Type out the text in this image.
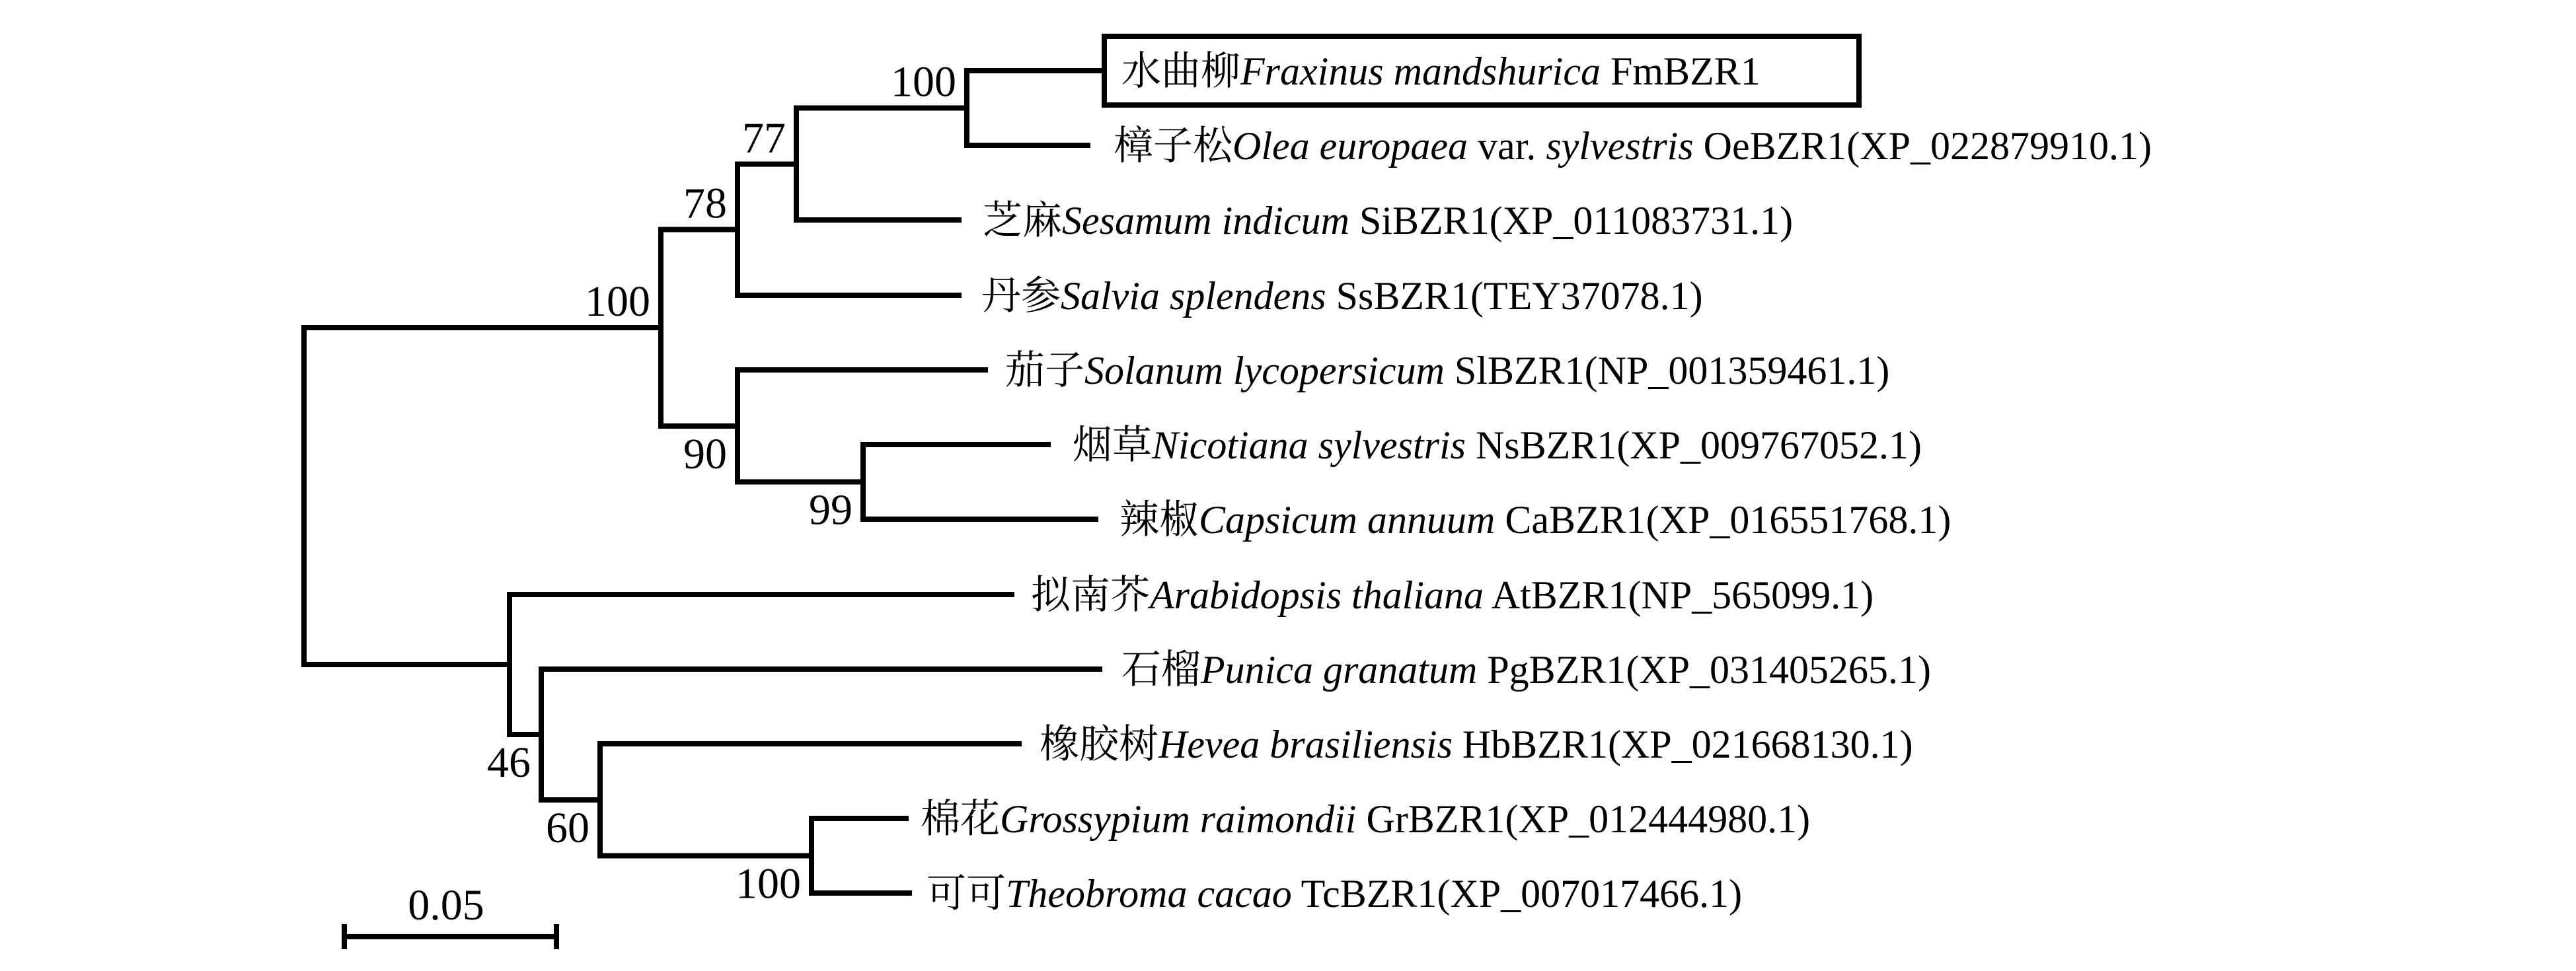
水曲柳Fraxinus mandshurica FmBZR1
樟子松Olea europaea var. sylvestris OeBZR1(XP_022879910.1)
100
芝麻Sesamum indicum SiBZR1(XP_011083731.1)
77
丹参Salvia splendens SsBZR1(TEY37078.1)
78
茄子Solanum lycopersicum SlBZR1(NP_001359461.1)
烟草Nicotiana sylvestris NsBZR1(XP_009767052.1)
辣椒Capsicum annuum CaBZR1(XP_016551768.1)
99
90
100
拟南芥Arabidopsis thaliana AtBZR1(NP_565099.1)
石榴Punica granatum PgBZR1(XP_031405265.1)
橡胶树Hevea brasiliensis HbBZR1(XP_021668130.1)
棉花Grossypium raimondii GrBZR1(XP_012444980.1)
可可Theobroma cacao TcBZR1(XP_007017466.1)
100
60
46
0.05
